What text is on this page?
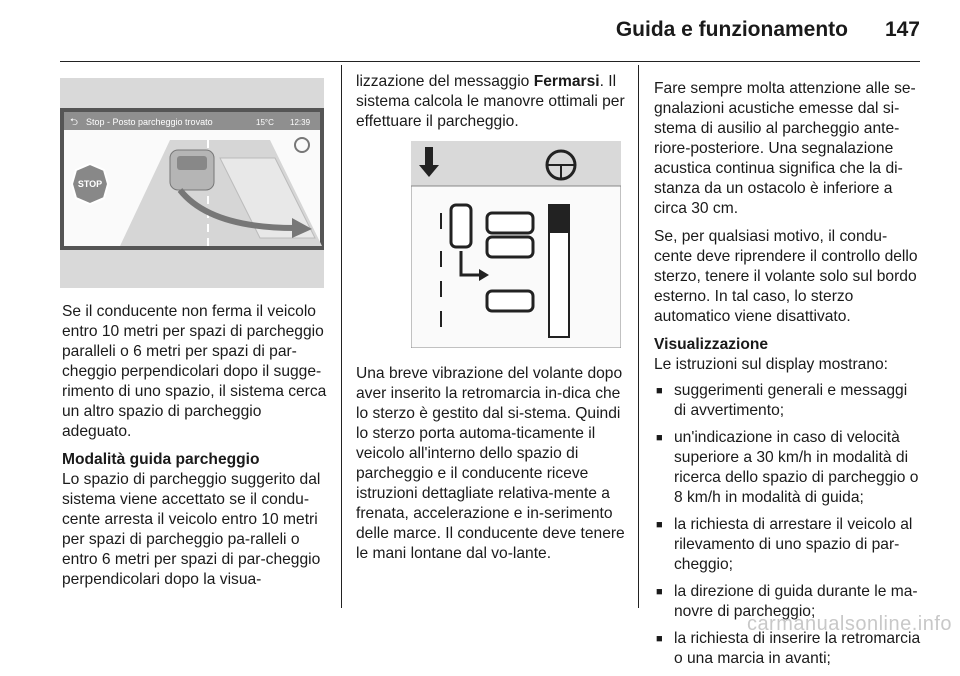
Guida e funzionamento 147
⮌ Stop - Posto parcheggio trovato	15°C 12:39
STOP

Se il conducente non ferma il veicolo entro 10 metri per spazi di parcheggio paralleli o 6 metri per spazi di par-cheggio perpendicolari dopo il sugge-rimento di uno spazio, il sistema cerca un altro spazio di parcheggio adeguato.

Modalità guida parcheggio
Lo spazio di parcheggio suggerito dal sistema viene accettato se il condu-cente arresta il veicolo entro 10 metri per spazi di parcheggio pa-ralleli o entro 6 metri per spazi di par-cheggio perpendicolari dopo la visua-

lizzazione del messaggio Fermarsi. Il sistema calcola le manovre ottimali per effettuare il parcheggio.

Una breve vibrazione del volante dopo aver inserito la retromarcia in-dica che lo sterzo è gestito dal si-stema. Quindi lo sterzo porta automa-ticamente il veicolo all'interno dello spazio di parcheggio e il conducente riceve istruzioni dettagliate relativa-mente a frenata, accelerazione e in-serimento delle marce. Il conducente deve tenere le mani lontane dal vo-lante.

Fare sempre molta attenzione alle se-gnalazioni acustiche emesse dal si-stema di ausilio al parcheggio ante-riore-posteriore. Una segnalazione acustica continua significa che la di-stanza da un ostacolo è inferiore a circa 30 cm.

Se, per qualsiasi motivo, il condu-cente deve riprendere il controllo dello sterzo, tenere il volante solo sul bordo esterno. In tal caso, lo sterzo automatico viene disattivato.

Visualizzazione
Le istruzioni sul display mostrano:

■ suggerimenti generali e messaggi di avvertimento;
■ un'indicazione in caso di velocità superiore a 30 km/h in modalità di ricerca dello spazio di parcheggio o 8 km/h in modalità di guida;
■ la richiesta di arrestare il veicolo al rilevamento di uno spazio di par-cheggio;
■ la direzione di guida durante le ma-novre di parcheggio;
■ la richiesta di inserire la retromarcia o una marcia in avanti;
carmanualsonline.info
